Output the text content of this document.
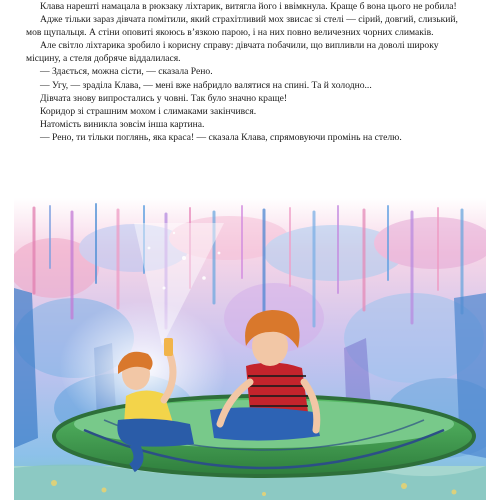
Клава нарешті намацала в рюкзаку ліхтарик, витягла його і ввімкнула. Краще б вона цього не робила!

Адже тільки зараз дівчата помітили, який страхітливий мох звисає зі стелі — сірий, довгий, слизький, мов щупальця. А стіни оповиті якоюсь в’язкою парою, і на них повно величезних чорних слимаків.

Але світло ліхтарика зробило і корисну справу: дівчата побачили, що випливли на доволі широку місцину, а стеля добряче віддалилася.

— Здається, можна сісти, — сказала Рено.

— Угу, — зраділа Клава, — мені вже набридло валятися на спині. Та й холодно...

Дівчата знову випростались у човні. Так було значно краще!

Коридор зі страшним мохом і слимаками закінчився.

Натомість виникла зовсім інша картина.

— Рено, ти тільки поглянь, яка краса! — сказала Клава, спрямовуючи промінь на стелю.
